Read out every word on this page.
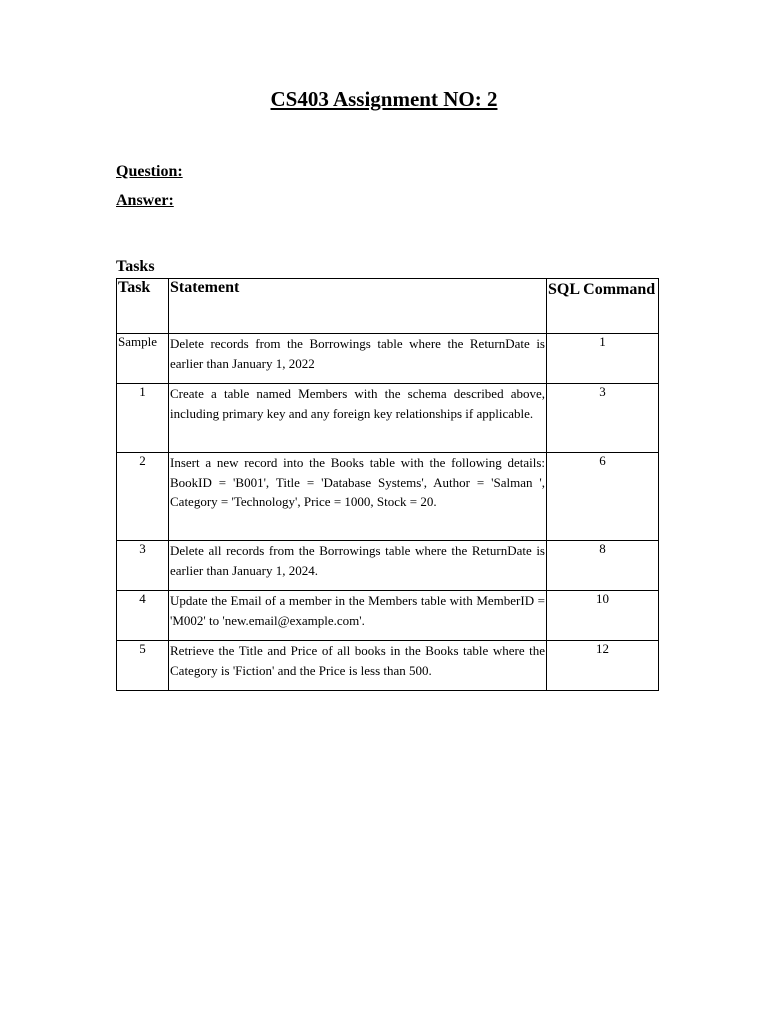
CS403 Assignment NO: 2

Question:

Answer:

Tasks

Task	Statement	SQL Command
Sample	Delete records from the Borrowings table where the ReturnDate is earlier than January 1, 2022	1
1	Create a table named Members with the schema described above, including primary key and any foreign key relationships if applicable.	3
2	Insert a new record into the Books table with the following details: BookID = 'B001', Title = 'Database Systems', Author = 'Salman ', Category = 'Technology', Price = 1000, Stock = 20.	6
3	Delete all records from the Borrowings table where the ReturnDate is earlier than January 1, 2024.	8
4	Update the Email of a member in the Members table with MemberID = 'M002' to 'new.email@example.com'.	10
5	Retrieve the Title and Price of all books in the Books table where the Category is 'Fiction' and the Price is less than 500.	12
